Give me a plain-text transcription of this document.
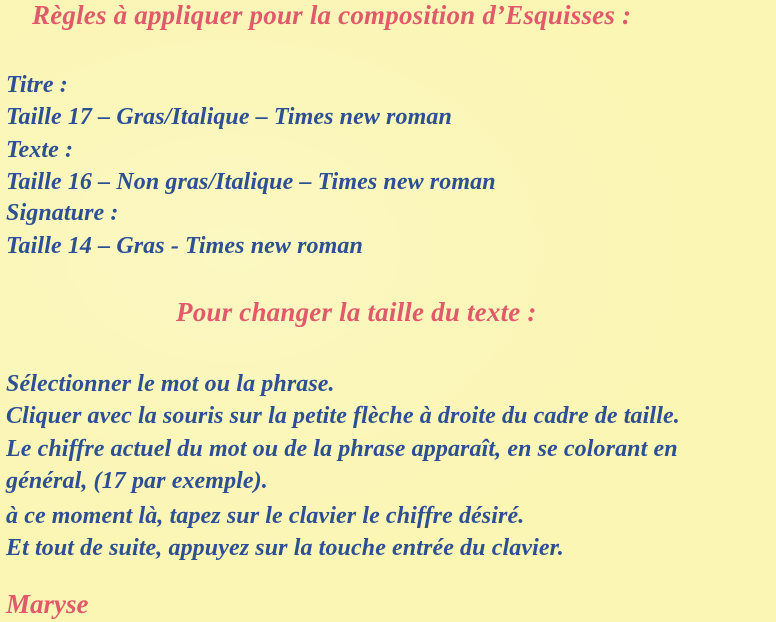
Règles à appliquer pour la composition d’Esquisses :
Titre :
Taille 17 – Gras/Italique – Times new roman
Texte :
Taille 16 – Non gras/Italique – Times new roman
Signature :
Taille 14 – Gras - Times new roman
Pour changer la taille du texte :
Sélectionner le mot ou la phrase.
Cliquer avec la souris sur la petite flèche à droite du cadre de taille.
Le chiffre actuel du mot ou de la phrase apparaît, en se colorant en
général, (17 par exemple).
à ce moment là, tapez sur le clavier le chiffre désiré.
Et tout de suite, appuyez sur la touche entrée du clavier.
Maryse
